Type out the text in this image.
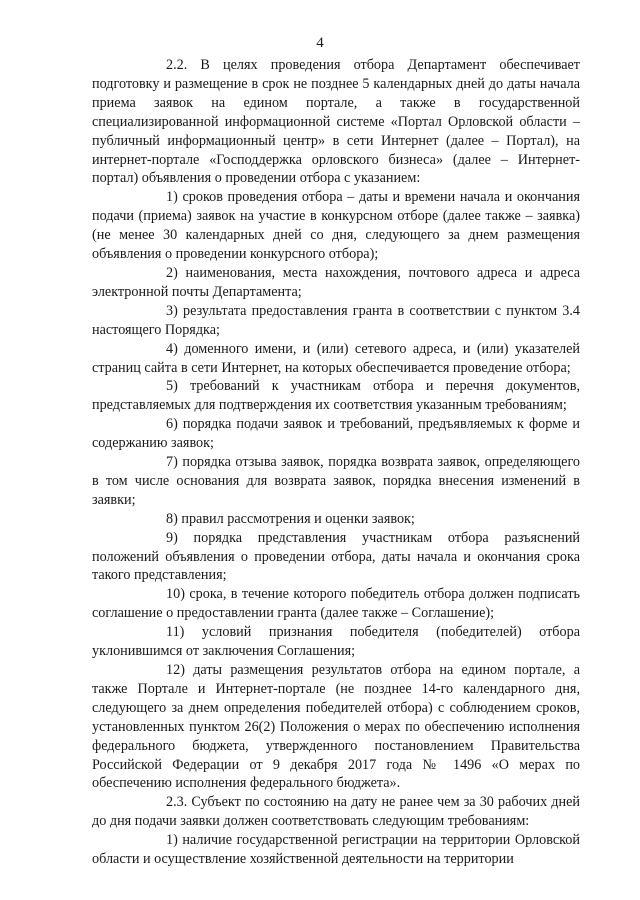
4

2.2. В целях проведения отбора Департамент обеспечивает подготовку и размещение в срок не позднее 5 календарных дней до даты начала приема заявок на едином портале, а также в государственной специализированной информационной системе «Портал Орловской области – публичный информационный центр» в сети Интернет (далее – Портал), на интернет-портале «Господдержка орловского бизнеса» (далее – Интернет-портал) объявления о проведении отбора с указанием:

1) сроков проведения отбора – даты и времени начала и окончания подачи (приема) заявок на участие в конкурсном отборе (далее также – заявка) (не менее 30 календарных дней со дня, следующего за днем размещения объявления о проведении конкурсного отбора);

2) наименования, места нахождения, почтового адреса и адреса электронной почты Департамента;

3) результата предоставления гранта в соответствии с пунктом 3.4 настоящего Порядка;

4) доменного имени, и (или) сетевого адреса, и (или) указателей страниц сайта в сети Интернет, на которых обеспечивается проведение отбора;

5) требований к участникам отбора и перечня документов, представляемых для подтверждения их соответствия указанным требованиям;

6) порядка подачи заявок и требований, предъявляемых к форме и содержанию заявок;

7) порядка отзыва заявок, порядка возврата заявок, определяющего в том числе основания для возврата заявок, порядка внесения изменений в заявки;

8) правил рассмотрения и оценки заявок;

9) порядка представления участникам отбора разъяснений положений объявления о проведении отбора, даты начала и окончания срока такого представления;

10) срока, в течение которого победитель отбора должен подписать соглашение о предоставлении гранта (далее также – Соглашение);

11) условий признания победителя (победителей) отбора уклонившимся от заключения Соглашения;

12) даты размещения результатов отбора на едином портале, а также Портале и Интернет-портале (не позднее 14-го календарного дня, следующего за днем определения победителей отбора) с соблюдением сроков, установленных пунктом 26(2) Положения о мерах по обеспечению исполнения федерального бюджета, утвержденного постановлением Правительства Российской Федерации от 9 декабря 2017 года № 1496 «О мерах по обеспечению исполнения федерального бюджета».

2.3. Субъект по состоянию на дату не ранее чем за 30 рабочих дней до дня подачи заявки должен соответствовать следующим требованиям:

1) наличие государственной регистрации на территории Орловской области и осуществление хозяйственной деятельности на территории
